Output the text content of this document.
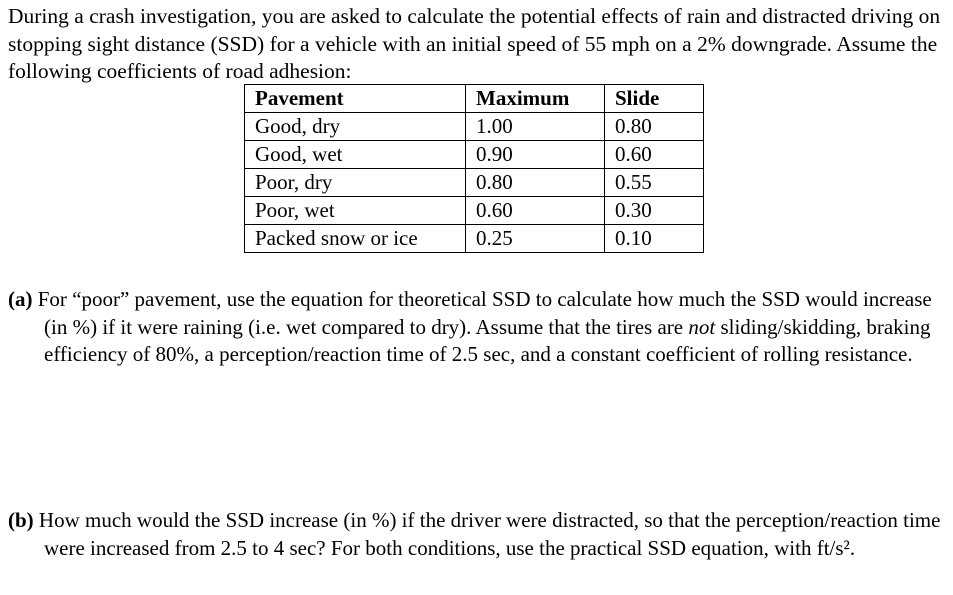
During a crash investigation, you are asked to calculate the potential effects of rain and distracted driving on stopping sight distance (SSD) for a vehicle with an initial speed of 55 mph on a 2% downgrade. Assume the following coefficients of road adhesion:

Pavement	Maximum	Slide
Good, dry	1.00	0.80
Good, wet	0.90	0.60
Poor, dry	0.80	0.55
Poor, wet	0.60	0.30
Packed snow or ice	0.25	0.10

(a) For “poor” pavement, use the equation for theoretical SSD to calculate how much the SSD would increase (in %) if it were raining (i.e. wet compared to dry). Assume that the tires are not sliding/skidding, braking efficiency of 80%, a perception/reaction time of 2.5 sec, and a constant coefficient of rolling resistance.

(b) How much would the SSD increase (in %) if the driver were distracted, so that the perception/reaction time were increased from 2.5 to 4 sec? For both conditions, use the practical SSD equation, with ft/s².
